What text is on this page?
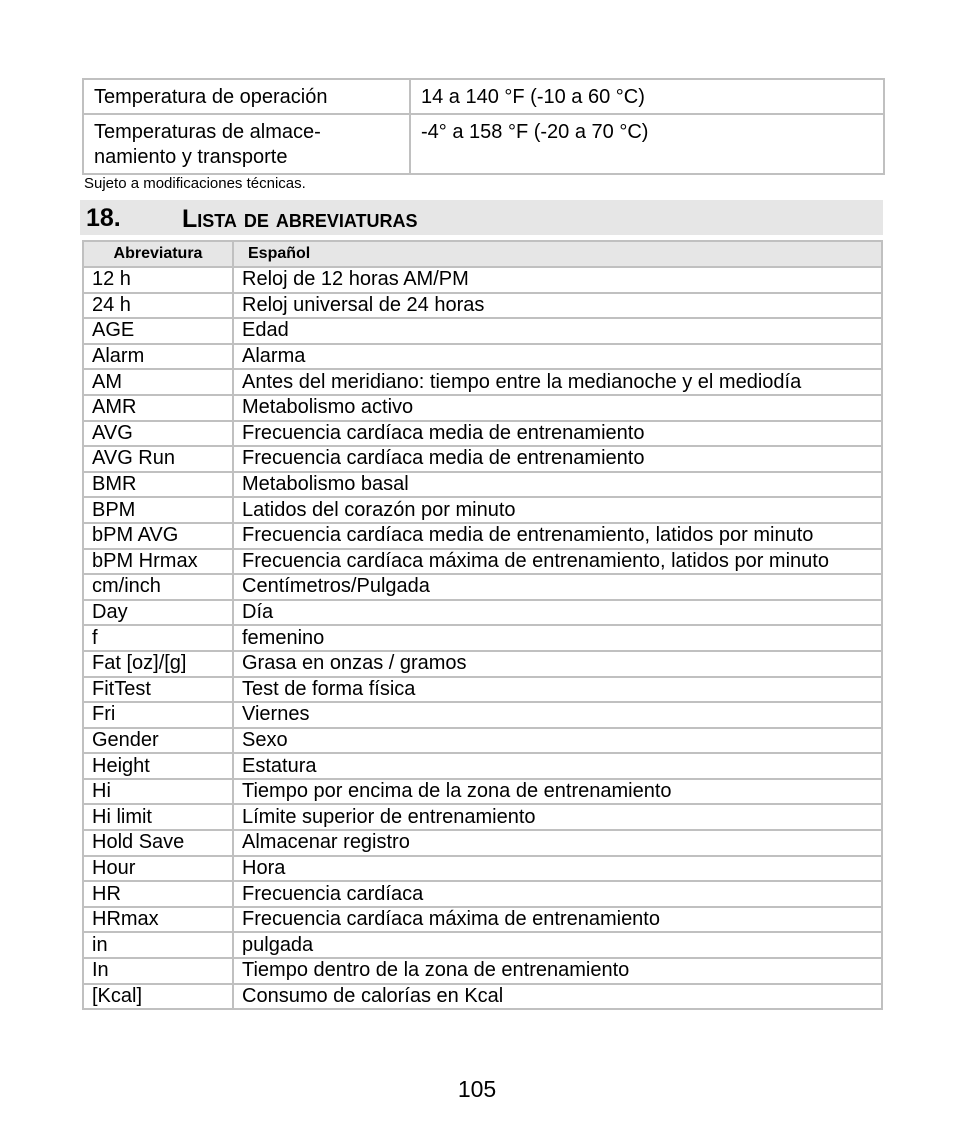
Temperatura de operación	14 a 140 °F (-10 a 60 °C)
Temperaturas de almace-
namiento y transporte	-4° a 158 °F (-20 a 70 °C)
Sujeto a modificaciones técnicas.
18. Lista de abreviaturas
Abreviatura	Español
12 h	Reloj de 12 horas AM/PM
24 h	Reloj universal de 24 horas
AGE	Edad
Alarm	Alarma
AM	Antes del meridiano: tiempo entre la medianoche y el mediodía
AMR	Metabolismo activo
AVG	Frecuencia cardíaca media de entrenamiento
AVG Run	Frecuencia cardíaca media de entrenamiento
BMR	Metabolismo basal
BPM	Latidos del corazón por minuto
bPM AVG	Frecuencia cardíaca media de entrenamiento, latidos por minuto
bPM Hrmax	Frecuencia cardíaca máxima de entrenamiento, latidos por minuto
cm/inch	Centímetros/Pulgada
Day	Día
f	femenino
Fat [oz]/[g]	Grasa en onzas / gramos
FitTest	Test de forma física
Fri	Viernes
Gender	Sexo
Height	Estatura
Hi	Tiempo por encima de la zona de entrenamiento
Hi limit	Límite superior de entrenamiento
Hold Save	Almacenar registro
Hour	Hora
HR	Frecuencia cardíaca
HRmax	Frecuencia cardíaca máxima de entrenamiento
in	pulgada
In	Tiempo dentro de la zona de entrenamiento
[Kcal]	Consumo de calorías en Kcal
105
